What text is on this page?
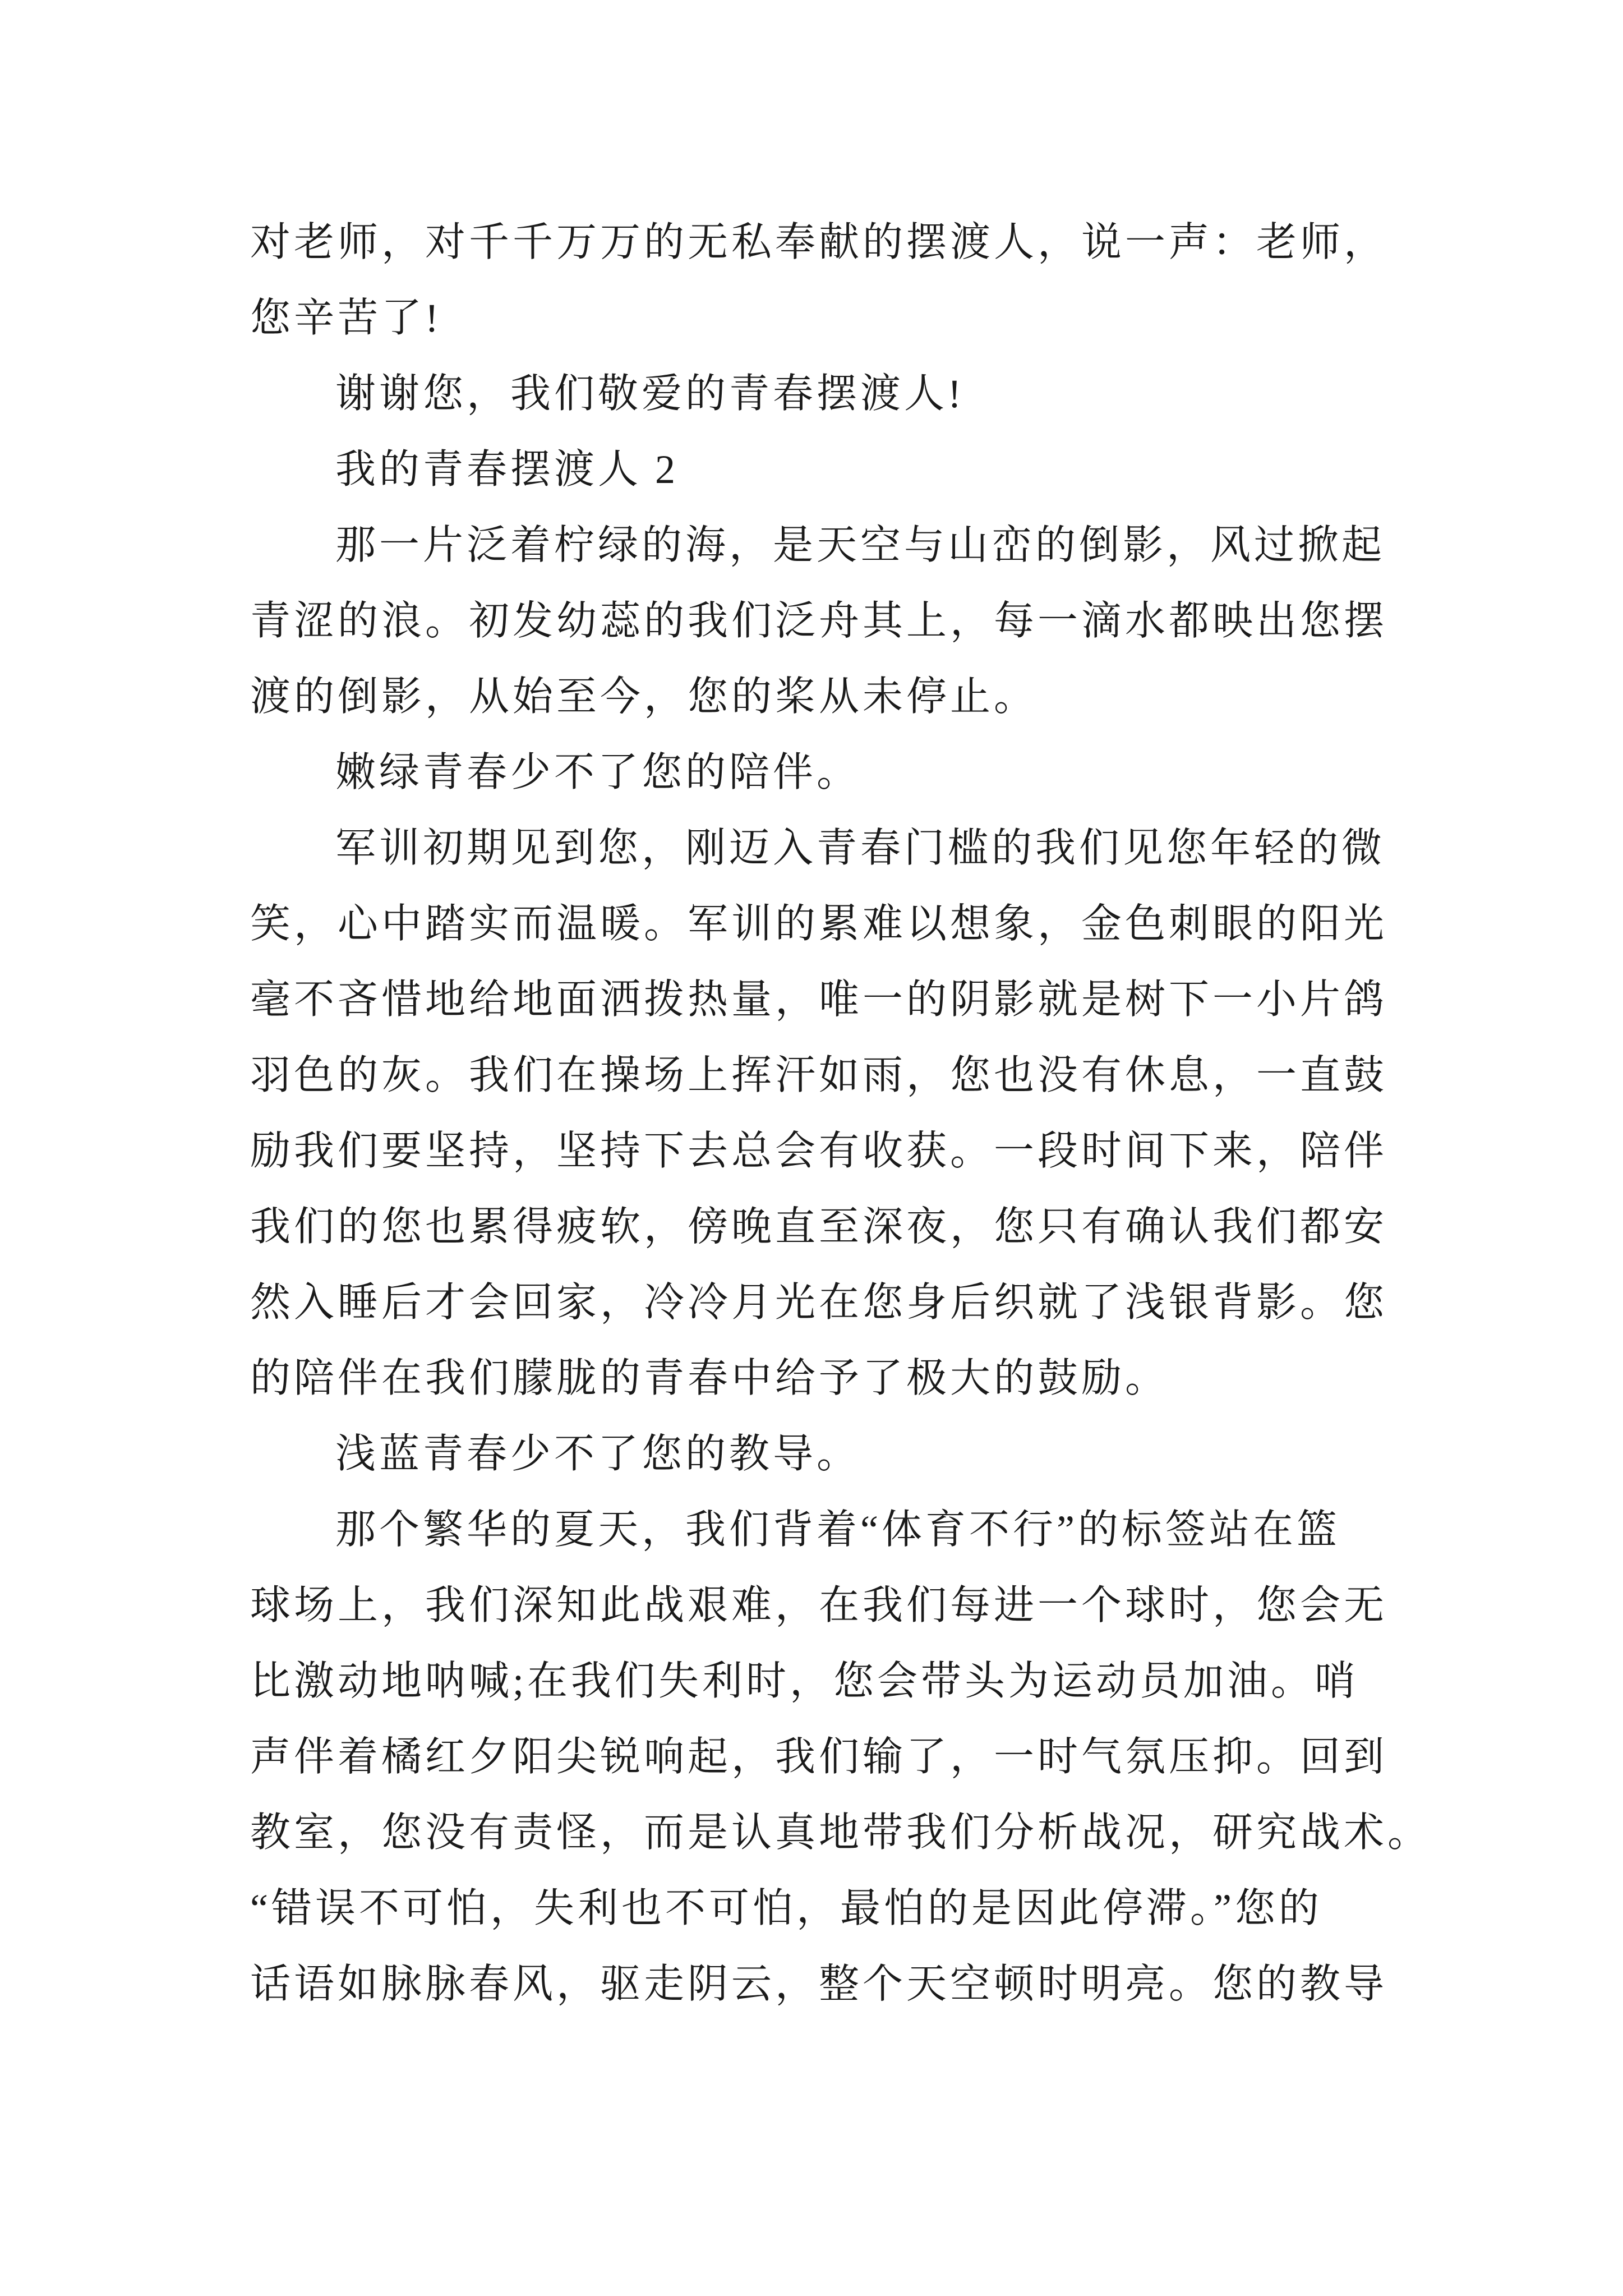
对老师，对千千万万的无私奉献的摆渡人，说一声：老师，
您辛苦了!
谢谢您，我们敬爱的青春摆渡人!
我的青春摆渡人 2
那一片泛着柠绿的海，是天空与山峦的倒影，风过掀起
青涩的浪。初发幼蕊的我们泛舟其上，每一滴水都映出您摆
渡的倒影，从始至今，您的桨从未停止。
嫩绿青春少不了您的陪伴。
军训初期见到您，刚迈入青春门槛的我们见您年轻的微
笑，心中踏实而温暖。军训的累难以想象，金色刺眼的阳光
毫不吝惜地给地面洒拨热量，唯一的阴影就是树下一小片鸽
羽色的灰。我们在操场上挥汗如雨，您也没有休息，一直鼓
励我们要坚持，坚持下去总会有收获。一段时间下来，陪伴
我们的您也累得疲软，傍晚直至深夜，您只有确认我们都安
然入睡后才会回家，冷冷月光在您身后织就了浅银背影。您
的陪伴在我们朦胧的青春中给予了极大的鼓励。
浅蓝青春少不了您的教导。
那个繁华的夏天，我们背着“体育不行”的标签站在篮
球场上，我们深知此战艰难，在我们每进一个球时，您会无
比激动地呐喊;在我们失利时，您会带头为运动员加油。哨
声伴着橘红夕阳尖锐响起，我们输了，一时气氛压抑。回到
教室，您没有责怪，而是认真地带我们分析战况，研究战术。
“错误不可怕，失利也不可怕，最怕的是因此停滞。”您的
话语如脉脉春风，驱走阴云，整个天空顿时明亮。您的教导
